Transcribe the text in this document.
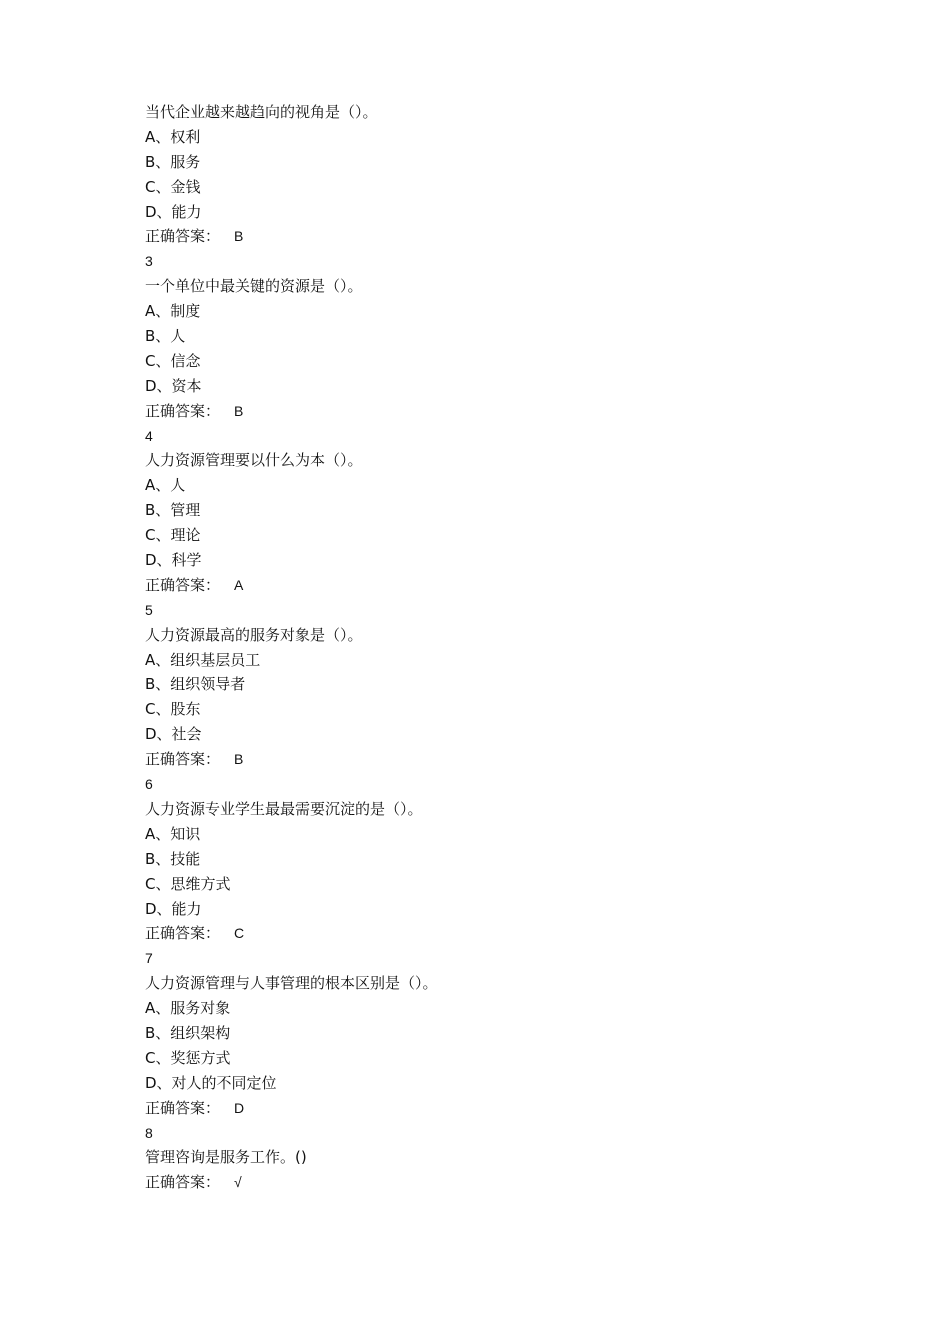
当代企业越来越趋向的视角是（）。
A、权利
B、服务
C、金钱
D、能力
正确答案： B
3
一个单位中最关键的资源是（）。
A、制度
B、人
C、信念
D、资本
正确答案： B
4
人力资源管理要以什么为本（）。
A、人
B、管理
C、理论
D、科学
正确答案： A
5
人力资源最高的服务对象是（）。
A、组织基层员工
B、组织领导者
C、股东
D、社会
正确答案： B
6
人力资源专业学生最最需要沉淀的是（）。
A、知识
B、技能
C、思维方式
D、能力
正确答案： C
7
人力资源管理与人事管理的根本区别是（）。
A、服务对象
B、组织架构
C、奖惩方式
D、对人的不同定位
正确答案： D
8
管理咨询是服务工作。()
正确答案： √
